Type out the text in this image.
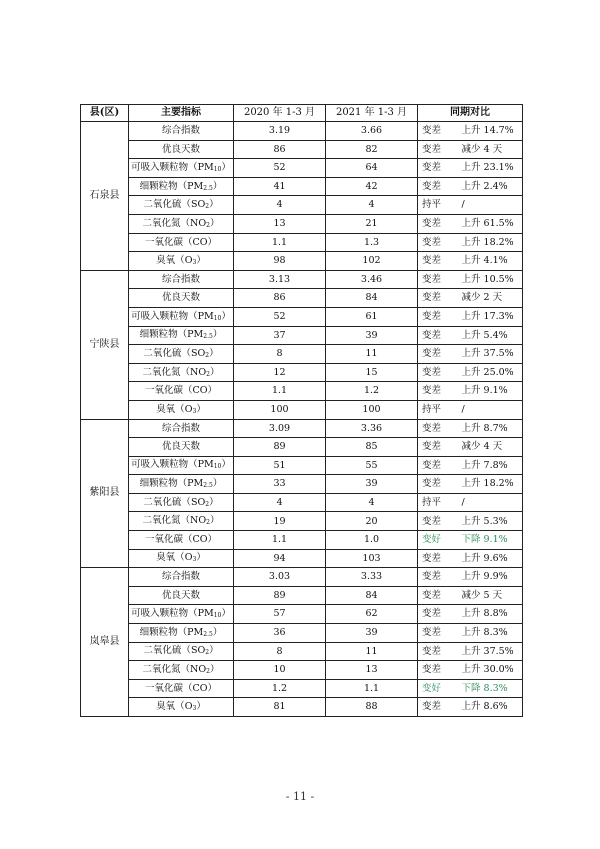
县(区)	主要指标	2020 年 1-3 月	2021 年 1-3 月	同期对比	
石泉县	综合指数	3.19	3.66	变差	上升 14.7%
	优良天数	86	82	变差	减少 4 天
	可吸入颗粒物$(PM_{10})$	52	64	变差	上升 23.1%
	细颗粒物$(PM_{2.5})$	41	42	变差	上升 2.4%
	二氧化硫$(SO_2)$	4	4	持平	/
	二氧化氮$(NO_2)$	13	21	变差	上升 61.5%
	一氧化碳（CO）	1.1	1.3	变差	上升 18.2%
	臭氧$(O_3)$	98	102	变差	上升 4.1%
宁陕县	综合指数	3.13	3.46	变差	上升 10.5%
	优良天数	86	84	变差	减少 2 天
	可吸入颗粒物$(PM_{10})$	52	61	变差	上升 17.3%
	细颗粒物$(PM_{2.5})$	37	39	变差	上升 5.4%
	二氧化硫$(SO_2)$	8	11	变差	上升 37.5%
	二氧化氮$(NO_2)$	12	15	变差	上升 25.0%
	一氧化碳（CO）	1.1	1.2	变差	上升 9.1%
	臭氧$(O_3)$	100	100	持平	/
紫阳县	综合指数	3.09	3.36	变差	上升 8.7%
	优良天数	89	85	变差	减少 4 天
	可吸入颗粒物$(PM_{10})$	51	55	变差	上升 7.8%
	细颗粒物$(PM_{2.5})$	33	39	变差	上升 18.2%
	二氧化硫$(SO_2)$	4	4	持平	/
	二氧化氮$(NO_2)$	19	20	变差	上升 5.3%
	一氧化碳（CO）	1.1	1.0	变好	下降 9.1%
	臭氧$(O_3)$	94	103	变差	上升 9.6%
岚皋县	综合指数	3.03	3.33	变差	上升 9.9%
	优良天数	89	84	变差	减少 5 天
	可吸入颗粒物$(PM_{10})$	57	62	变差	上升 8.8%
	细颗粒物$(PM_{2.5})$	36	39	变差	上升 8.3%
	二氧化硫$(SO_2)$	8	11	变差	上升 37.5%
	二氧化氮$(NO_2)$	10	13	变差	上升 30.0%
	一氧化碳（CO）	1.2	1.1	变好	下降 8.3%
	臭氧$(O_3)$	81	88	变差	上升 8.6%
- 11 -
